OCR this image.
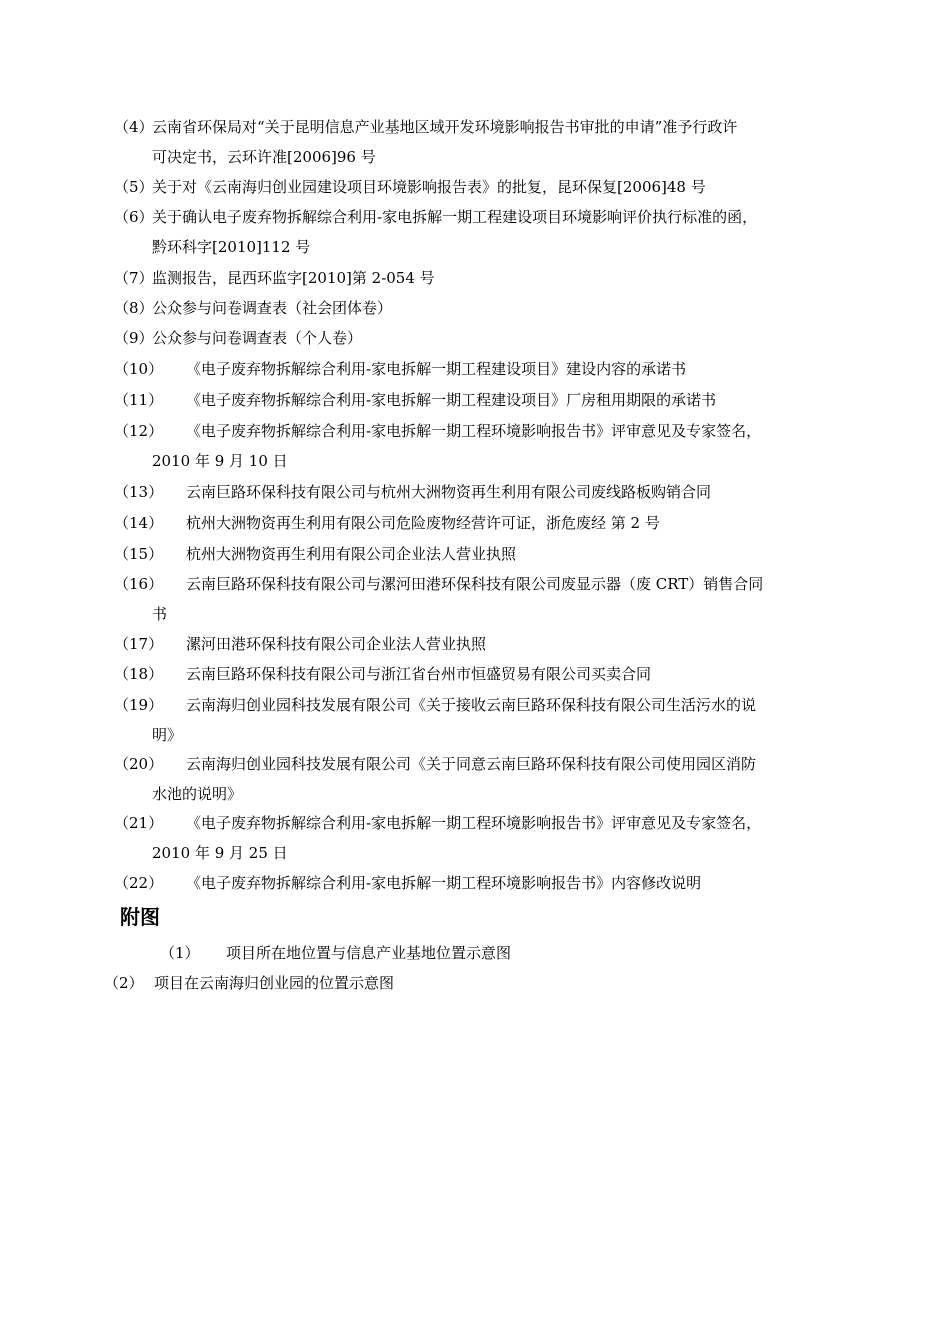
（4）云南省环保局对“关于昆明信息产业基地区域开发环境影响报告书审批的申请”准予行政许
可决定书，云环许准[2006]96 号
（5）关于对《云南海归创业园建设项目环境影响报告表》的批复，昆环保复[2006]48 号
（6）关于确认电子废弃物拆解综合利用-家电拆解一期工程建设项目环境影响评价执行标准的函，
黔环科字[2010]112 号
（7）监测报告，昆西环监字[2010]第 2-054 号
（8）公众参与问卷调查表（社会团体卷）
（9）公众参与问卷调查表（个人卷）
（10） 《电子废弃物拆解综合利用-家电拆解一期工程建设项目》建设内容的承诺书
（11） 《电子废弃物拆解综合利用-家电拆解一期工程建设项目》厂房租用期限的承诺书
（12） 《电子废弃物拆解综合利用-家电拆解一期工程环境影响报告书》评审意见及专家签名，
2010 年 9 月 10 日
（13） 云南巨路环保科技有限公司与杭州大洲物资再生利用有限公司废线路板购销合同
（14） 杭州大洲物资再生利用有限公司危险废物经营许可证，浙危废经 第 2 号
（15） 杭州大洲物资再生利用有限公司企业法人营业执照
（16） 云南巨路环保科技有限公司与漯河田港环保科技有限公司废显示器（废 CRT）销售合同
书
（17） 漯河田港环保科技有限公司企业法人营业执照
（18） 云南巨路环保科技有限公司与浙江省台州市恒盛贸易有限公司买卖合同
（19） 云南海归创业园科技发展有限公司《关于接收云南巨路环保科技有限公司生活污水的说
明》
（20） 云南海归创业园科技发展有限公司《关于同意云南巨路环保科技有限公司使用园区消防
水池的说明》
（21） 《电子废弃物拆解综合利用-家电拆解一期工程环境影响报告书》评审意见及专家签名，
2010 年 9 月 25 日
（22） 《电子废弃物拆解综合利用-家电拆解一期工程环境影响报告书》内容修改说明
附图
（1） 项目所在地位置与信息产业基地位置示意图
（2） 项目在云南海归创业园的位置示意图
